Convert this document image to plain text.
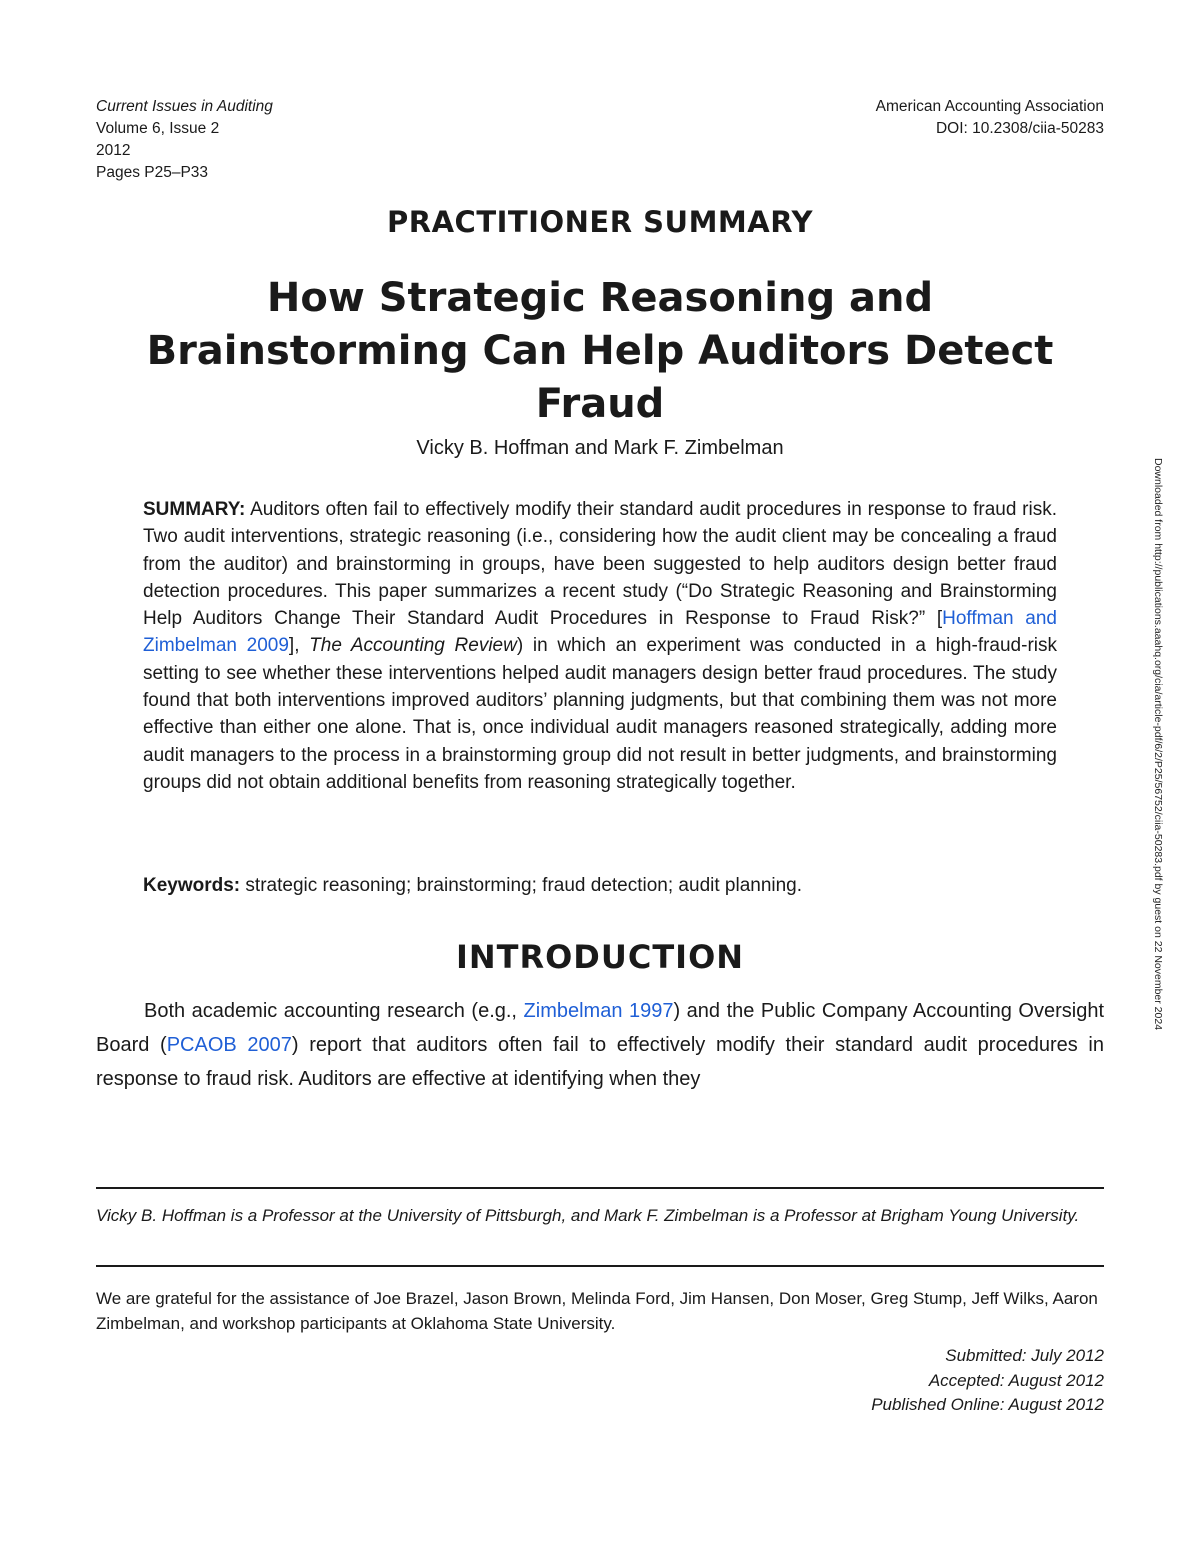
Current Issues in Auditing
Volume 6, Issue 2
2012
Pages P25–P33
American Accounting Association
DOI: 10.2308/ciia-50283
PRACTITIONER SUMMARY
How Strategic Reasoning and Brainstorming Can Help Auditors Detect Fraud
Vicky B. Hoffman and Mark F. Zimbelman
SUMMARY: Auditors often fail to effectively modify their standard audit procedures in response to fraud risk. Two audit interventions, strategic reasoning (i.e., considering how the audit client may be concealing a fraud from the auditor) and brainstorming in groups, have been suggested to help auditors design better fraud detection procedures. This paper summarizes a recent study (“Do Strategic Reasoning and Brainstorming Help Auditors Change Their Standard Audit Procedures in Response to Fraud Risk?” [Hoffman and Zimbelman 2009], The Accounting Review) in which an experiment was conducted in a high-fraud-risk setting to see whether these interventions helped audit managers design better fraud procedures. The study found that both interventions improved auditors’ planning judgments, but that combining them was not more effective than either one alone. That is, once individual audit managers reasoned strategically, adding more audit managers to the process in a brainstorming group did not result in better judgments, and brainstorming groups did not obtain additional benefits from reasoning strategically together.
Keywords: strategic reasoning; brainstorming; fraud detection; audit planning.
INTRODUCTION
Both academic accounting research (e.g., Zimbelman 1997) and the Public Company Accounting Oversight Board (PCAOB 2007) report that auditors often fail to effectively modify their standard audit procedures in response to fraud risk. Auditors are effective at identifying when they
Vicky B. Hoffman is a Professor at the University of Pittsburgh, and Mark F. Zimbelman is a Professor at Brigham Young University.
We are grateful for the assistance of Joe Brazel, Jason Brown, Melinda Ford, Jim Hansen, Don Moser, Greg Stump, Jeff Wilks, Aaron Zimbelman, and workshop participants at Oklahoma State University.
Submitted: July 2012
Accepted: August 2012
Published Online: August 2012
Downloaded from http://publications.aaahq.org/cia/article-pdf/6/2/P25/56752/ciia-50283.pdf by guest on 22 November 2024
